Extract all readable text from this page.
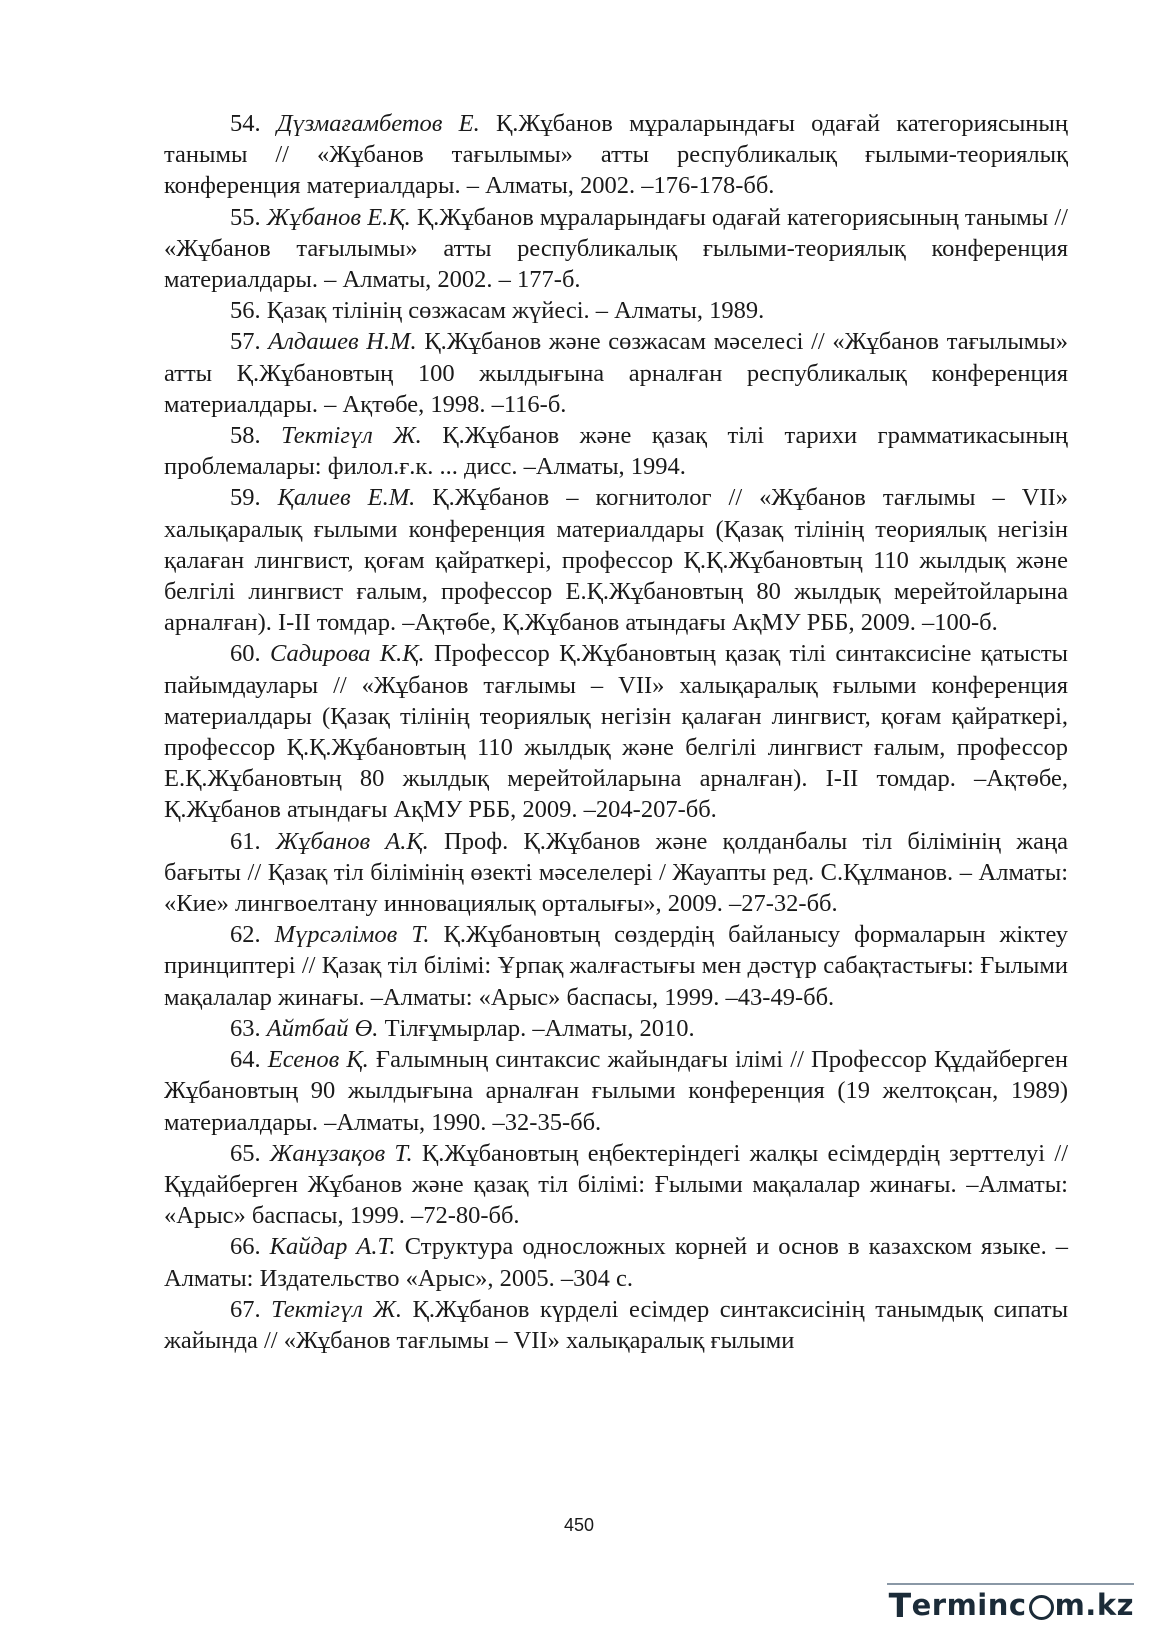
54. Дүзмағамбетов Е. Қ.Жұбанов мұраларындағы одағай категориясының танымы // «Жұбанов тағылымы» атты республикалық ғылыми-теориялық конференция материалдары. – Алматы, 2002. –176-178-бб.

55. Жұбанов Е.Қ. Қ.Жұбанов мұраларындағы одағай категориясының танымы // «Жұбанов тағылымы» атты республикалық ғылыми-теориялық конференция материалдары. – Алматы, 2002. – 177-б.

56. Қазақ тілінің сөзжасам жүйесі. – Алматы, 1989.

57. Алдашев Н.М. Қ.Жұбанов және сөзжасам мәселесі // «Жұбанов тағылымы» атты Қ.Жұбановтың 100 жылдығына арналған республикалық конференция материалдары. – Ақтөбе, 1998. –116-б.

58. Тектігүл Ж. Қ.Жұбанов және қазақ тілі тарихи грамматикасының проблемалары: филол.ғ.к. ... дисс. –Алматы, 1994.

59. Қалиев Е.М. Қ.Жұбанов – когнитолог // «Жұбанов тағлымы – VII» халықаралық ғылыми конференция материалдары (Қазақ тілінің теориялық негізін қалаған лингвист, қоғам қайраткері, профессор Қ.Қ.Жұбановтың 110 жылдық және белгілі лингвист ғалым, профессор Е.Қ.Жұбановтың 80 жылдық мерейтойларына арналған). I-II томдар. –Ақтөбе, Қ.Жұбанов атындағы АқМУ РББ, 2009. –100-б.

60. Садирова К.Қ. Профессор Қ.Жұбановтың қазақ тілі синтаксисіне қатысты пайымдаулары // «Жұбанов тағлымы – VII» халықаралық ғылыми конференция материалдары (Қазақ тілінің теориялық негізін қалаған лингвист, қоғам қайраткері, профессор Қ.Қ.Жұбановтың 110 жылдық және белгілі лингвист ғалым, профессор Е.Қ.Жұбановтың 80 жылдық мерейтойларына арналған). I-II томдар. –Ақтөбе, Қ.Жұбанов атындағы АқМУ РББ, 2009. –204-207-бб.

61. Жұбанов А.Қ. Проф. Қ.Жұбанов және қолданбалы тіл білімінің жаңа бағыты // Қазақ тіл білімінің өзекті мәселелері / Жауапты ред. С.Құлманов. – Алматы: «Кие» лингвоелтану инновациялық орталығы», 2009. –27-32-бб.

62. Мүрсәлімов Т. Қ.Жұбановтың сөздердің байланысу формаларын жіктеу принциптері // Қазақ тіл білімі: Ұрпақ жалғастығы мен дәстүр сабақтастығы: Ғылыми мақалалар жинағы. –Алматы: «Арыс» баспасы, 1999. –43-49-бб.

63. Айтбай Ө. Тілғұмырлар. –Алматы, 2010.

64. Есенов Қ. Ғалымның синтаксис жайындағы ілімі // Профессор Құдайберген Жұбановтың 90 жылдығына арналған ғылыми конференция (19 желтоқсан, 1989) материалдары. –Алматы, 1990. –32-35-бб.

65. Жанұзақов Т. Қ.Жұбановтың еңбектеріндегі жалқы есімдердің зерттелуі // Құдайберген Жұбанов және қазақ тіл білімі: Ғылыми мақалалар жинағы. –Алматы: «Арыс» баспасы, 1999. –72-80-бб.

66. Кайдар А.Т. Структура односложных корней и основ в казахском языке. –Алматы: Издательство «Арыс», 2005. –304 с.

67. Тектігүл Ж. Қ.Жұбанов күрделі есімдер синтаксисінің танымдық сипаты жайында // «Жұбанов тағлымы – VII» халықаралық ғылыми

450
T ermin c m.kz
